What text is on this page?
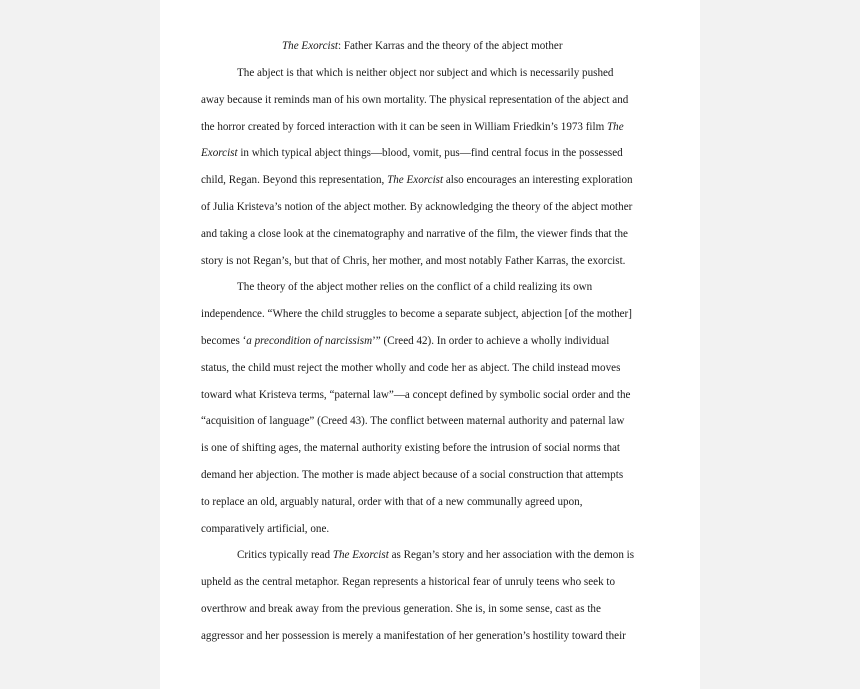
The Exorcist: Father Karras and the theory of the abject mother
The abject is that which is neither object nor subject and which is necessarily pushed
away because it reminds man of his own mortality. The physical representation of the abject and
the horror created by forced interaction with it can be seen in William Friedkin’s 1973 film The
Exorcist in which typical abject things—blood, vomit, pus—find central focus in the possessed
child, Regan. Beyond this representation, The Exorcist also encourages an interesting exploration
of Julia Kristeva’s notion of the abject mother. By acknowledging the theory of the abject mother
and taking a close look at the cinematography and narrative of the film, the viewer finds that the
story is not Regan’s, but that of Chris, her mother, and most notably Father Karras, the exorcist.
The theory of the abject mother relies on the conflict of a child realizing its own
independence. “Where the child struggles to become a separate subject, abjection [of the mother]
becomes ‘a precondition of narcissism’” (Creed 42). In order to achieve a wholly individual
status, the child must reject the mother wholly and code her as abject. The child instead moves
toward what Kristeva terms, “paternal law”—a concept defined by symbolic social order and the
“acquisition of language” (Creed 43). The conflict between maternal authority and paternal law
is one of shifting ages, the maternal authority existing before the intrusion of social norms that
demand her abjection. The mother is made abject because of a social construction that attempts
to replace an old, arguably natural, order with that of a new communally agreed upon,
comparatively artificial, one.
Critics typically read The Exorcist as Regan’s story and her association with the demon is
upheld as the central metaphor. Regan represents a historical fear of unruly teens who seek to
overthrow and break away from the previous generation. She is, in some sense, cast as the
aggressor and her possession is merely a manifestation of her generation’s hostility toward their
